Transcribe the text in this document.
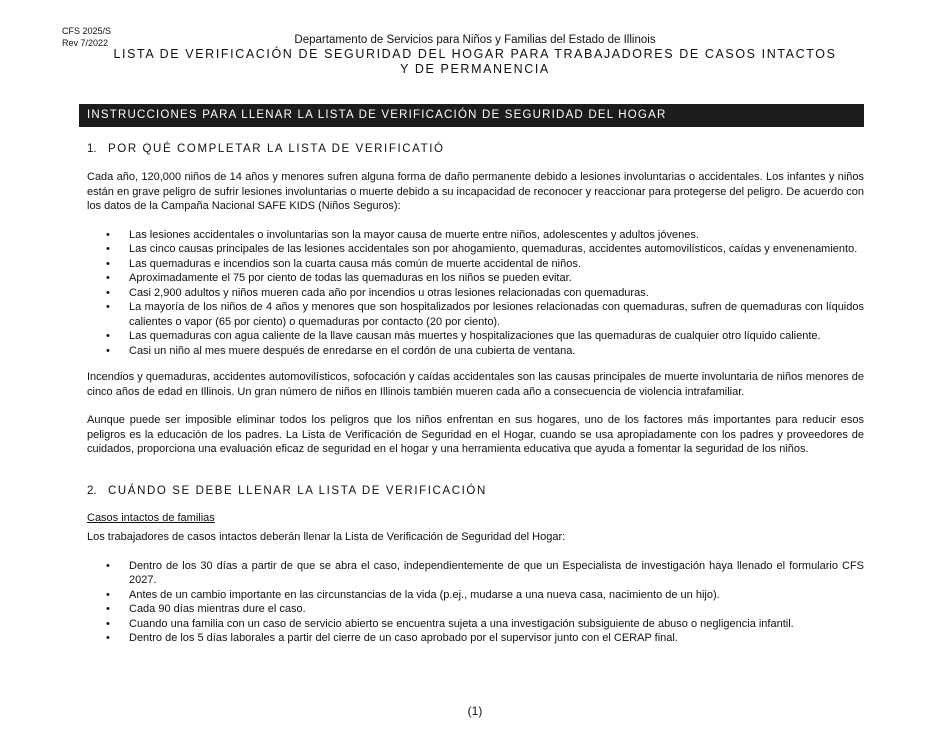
CFS 2025/S
Rev 7/2022	Departamento de Servicios para Niños y Familias del Estado de Illinois
LISTA DE VERIFICACIÓN DE SEGURIDAD DEL HOGAR PARA TRABAJADORES DE CASOS INTACTOS
Y DE PERMANENCIA
INSTRUCCIONES PARA LLENAR LA LISTA DE VERIFICACIÓN DE SEGURIDAD DEL HOGAR
1. POR QUÉ COMPLETAR LA LISTA DE VERIFICATIÓ

Cada año, 120,000 niños de 14 años y menores sufren alguna forma de daño permanente debido a lesiones involuntarias o accidentales. Los infantes y niños están en grave peligro de sufrir lesiones involuntarias o muerte debido a su incapacidad de reconocer y reaccionar para protegerse del peligro. De acuerdo con los datos de la Campaña Nacional SAFE KIDS (Niños Seguros):

• Las lesiones accidentales o involuntarias son la mayor causa de muerte entre niños, adolescentes y adultos jóvenes.
• Las cinco causas principales de las lesiones accidentales son por ahogamiento, quemaduras, accidentes automovilísticos, caídas y envenenamiento.
• Las quemaduras e incendios son la cuarta causa más común de muerte accidental de niños.
• Aproximadamente el 75 por ciento de todas las quemaduras en los niños se pueden evitar.
• Casi 2,900 adultos y niños mueren cada año por incendios u otras lesiones relacionadas con quemaduras.
• La mayoría de los niños de 4 años y menores que son hospitalizados por lesiones relacionadas con quemaduras, sufren de quemaduras con líquidos calientes o vapor (65 por ciento) o quemaduras por contacto (20 por ciento).
• Las quemaduras con agua caliente de la llave causan más muertes y hospitalizaciones que las quemaduras de cualquier otro líquido caliente.
• Casi un niño al mes muere después de enredarse en el cordón de una cubierta de ventana.

Incendios y quemaduras, accidentes automovilísticos, sofocación y caídas accidentales son las causas principales de muerte involuntaria de niños menores de cinco años de edad en Illinois. Un gran número de niños en Illinois también mueren cada año a consecuencia de violencia intrafamiliar.

Aunque puede ser imposible eliminar todos los peligros que los niños enfrentan en sus hogares, uno de los factores más importantes para reducir esos peligros es la educación de los padres. La Lista de Verificación de Seguridad en el Hogar, cuando se usa apropiadamente con los padres y proveedores de cuidados, proporciona una evaluación eficaz de seguridad en el hogar y una herramienta educativa que ayuda a fomentar la seguridad de los niños.

2. CUÁNDO SE DEBE LLENAR LA LISTA DE VERIFICACIÓN
Casos intactos de familias

Los trabajadores de casos intactos deberán llenar la Lista de Verificación de Seguridad del Hogar:

• Dentro de los 30 días a partir de que se abra el caso, independientemente de que un Especialista de investigación haya llenado el formulario CFS 2027.
• Antes de un cambio importante en las circunstancias de la vida (p.ej., mudarse a una nueva casa, nacimiento de un hijo).
• Cada 90 días mientras dure el caso.
• Cuando una familia con un caso de servicio abierto se encuentra sujeta a una investigación subsiguiente de abuso o negligencia infantil.
• Dentro de los 5 días laborales a partir del cierre de un caso aprobado por el supervisor junto con el CERAP final.
(1)
